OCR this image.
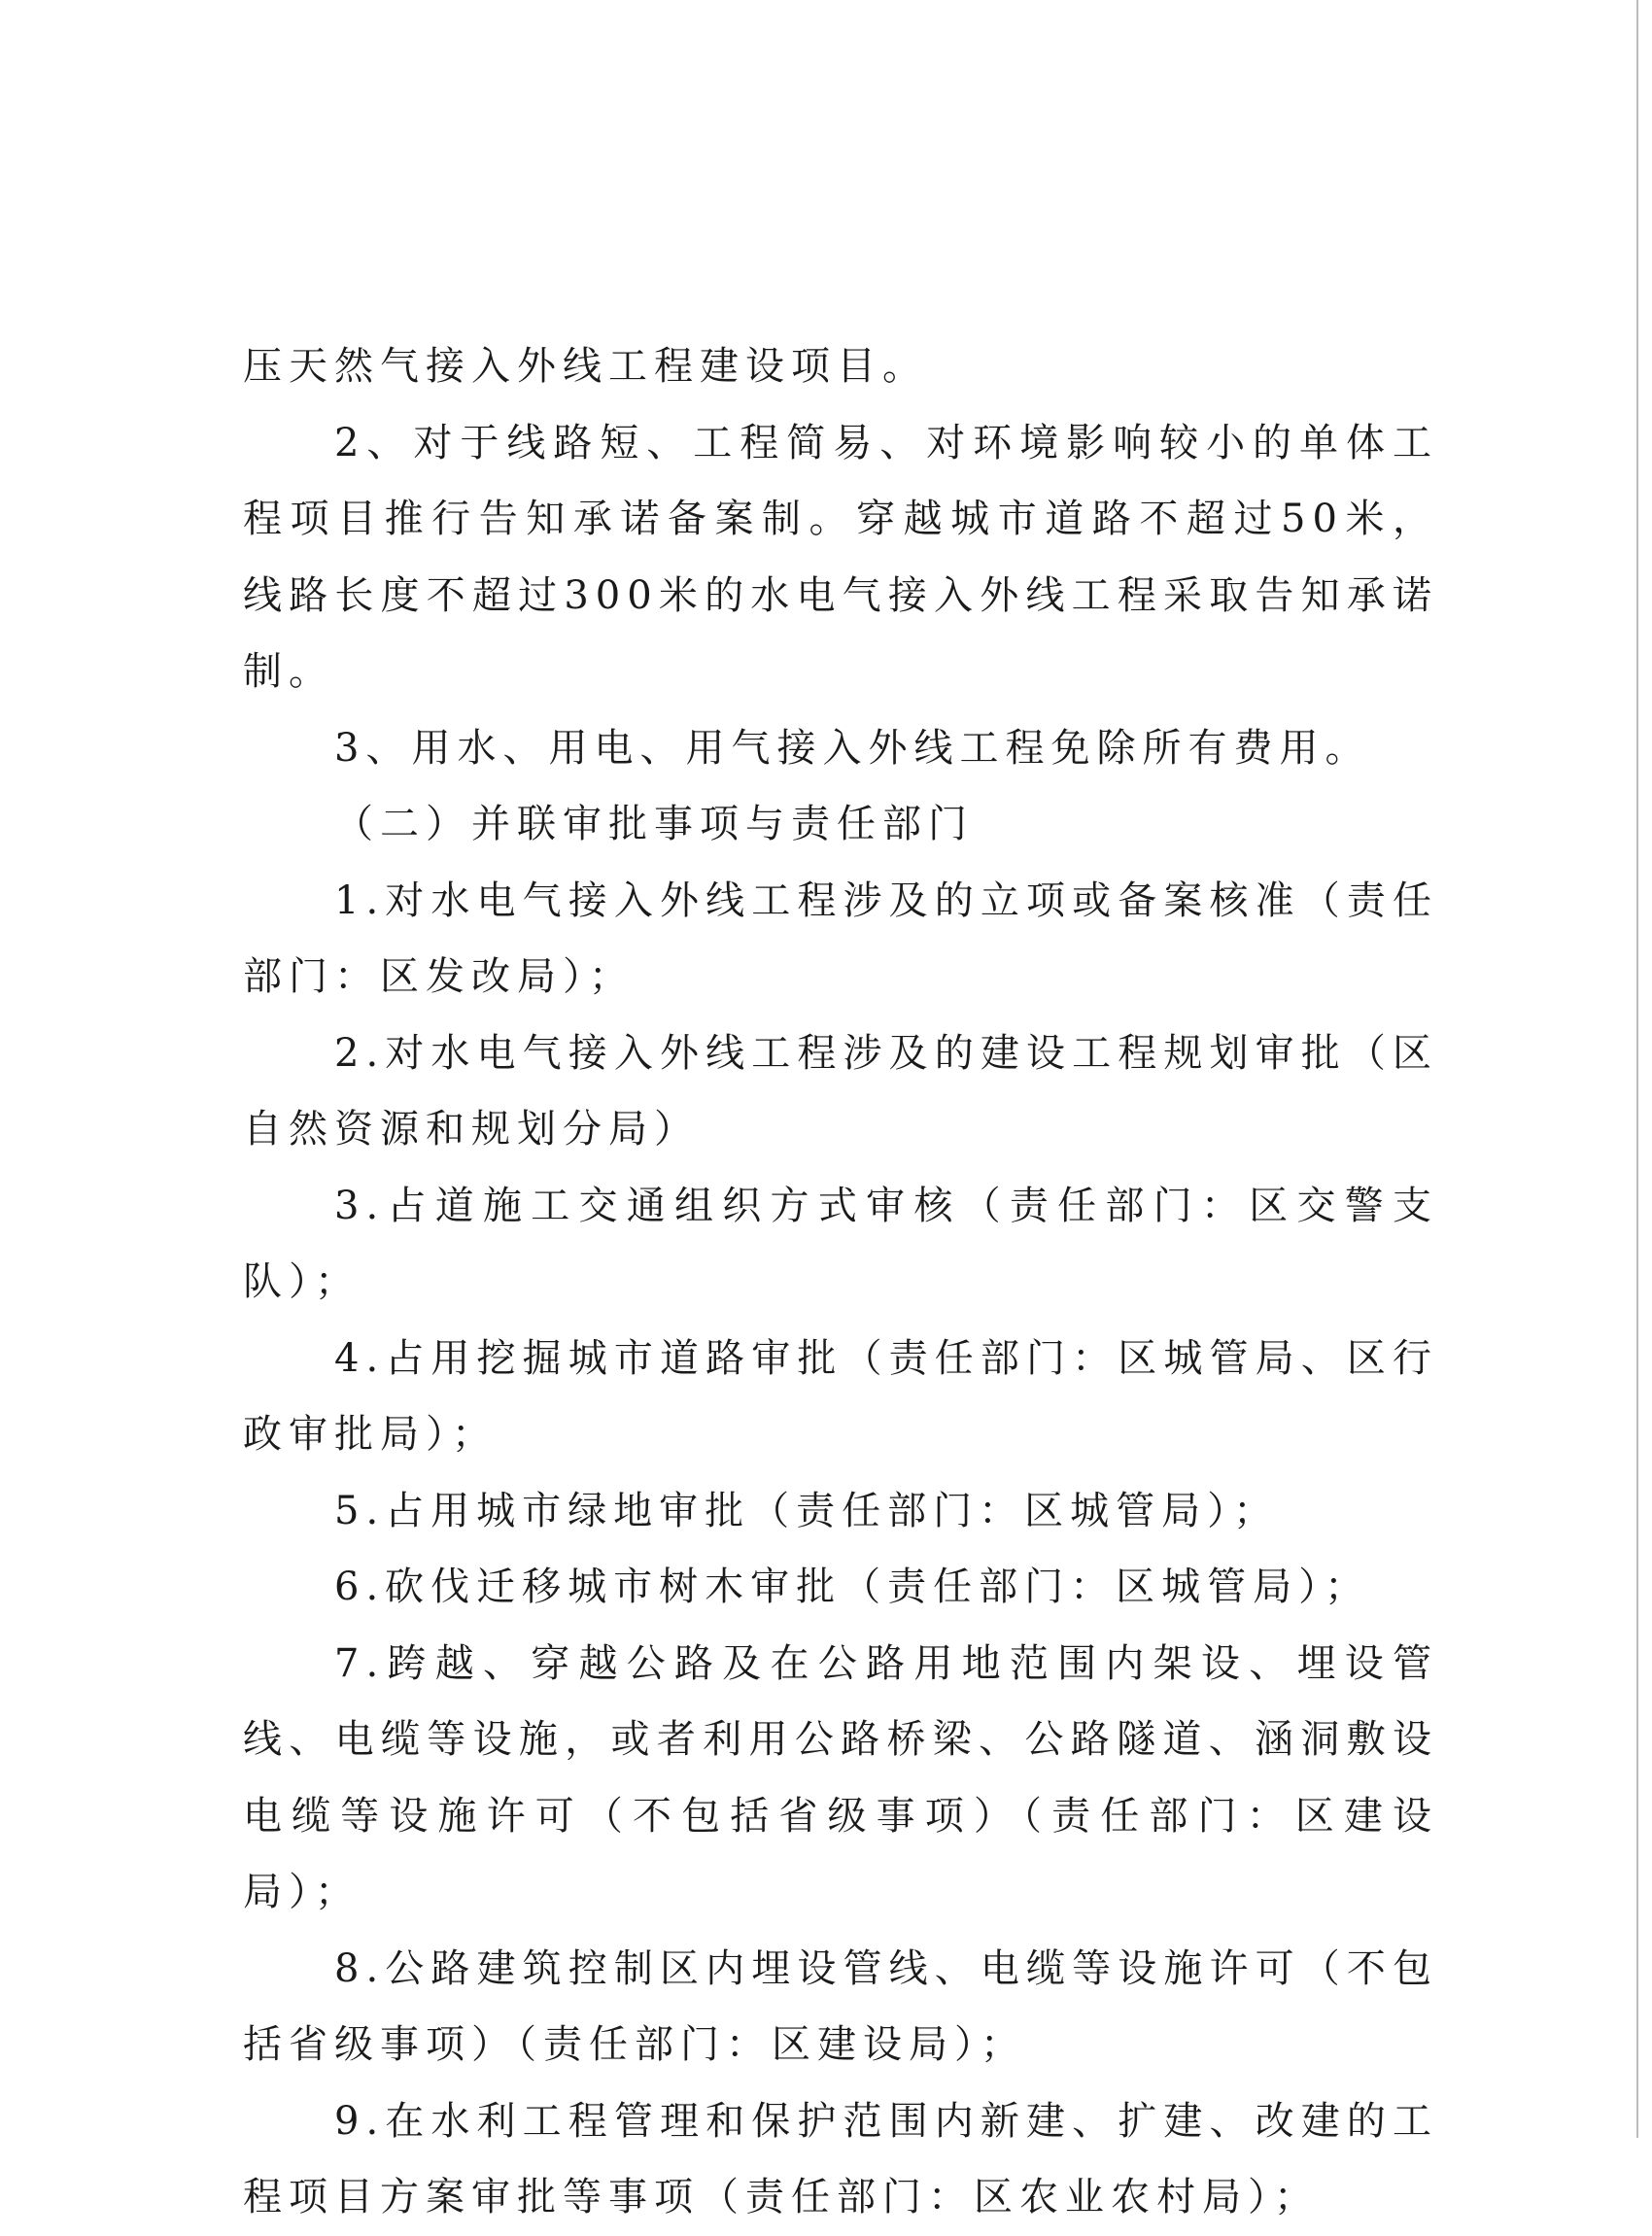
压天然气接入外线工程建设项目。

2、对于线路短、工程简易、对环境影响较小的单体工程项目推行告知承诺备案制。穿越城市道路不超过50米，线路长度不超过300米的水电气接入外线工程采取告知承诺制。

3、用水、用电、用气接入外线工程免除所有费用。

（二）并联审批事项与责任部门

1.对水电气接入外线工程涉及的立项或备案核准（责任部门：区发改局）；

2.对水电气接入外线工程涉及的建设工程规划审批（区自然资源和规划分局）

3.占道施工交通组织方式审核（责任部门：区交警支队）；

4.占用挖掘城市道路审批（责任部门：区城管局、区行政审批局）；

5.占用城市绿地审批（责任部门：区城管局）；

6.砍伐迁移城市树木审批（责任部门：区城管局）；

7.跨越、穿越公路及在公路用地范围内架设、埋设管线、电缆等设施，或者利用公路桥梁、公路隧道、涵洞敷设电缆等设施许可（不包括省级事项）（责任部门：区建设局）；

8.公路建筑控制区内埋设管线、电缆等设施许可（不包括省级事项）（责任部门：区建设局）；

9.在水利工程管理和保护范围内新建、扩建、改建的工程项目方案审批等事项（责任部门：区农业农村局）；
